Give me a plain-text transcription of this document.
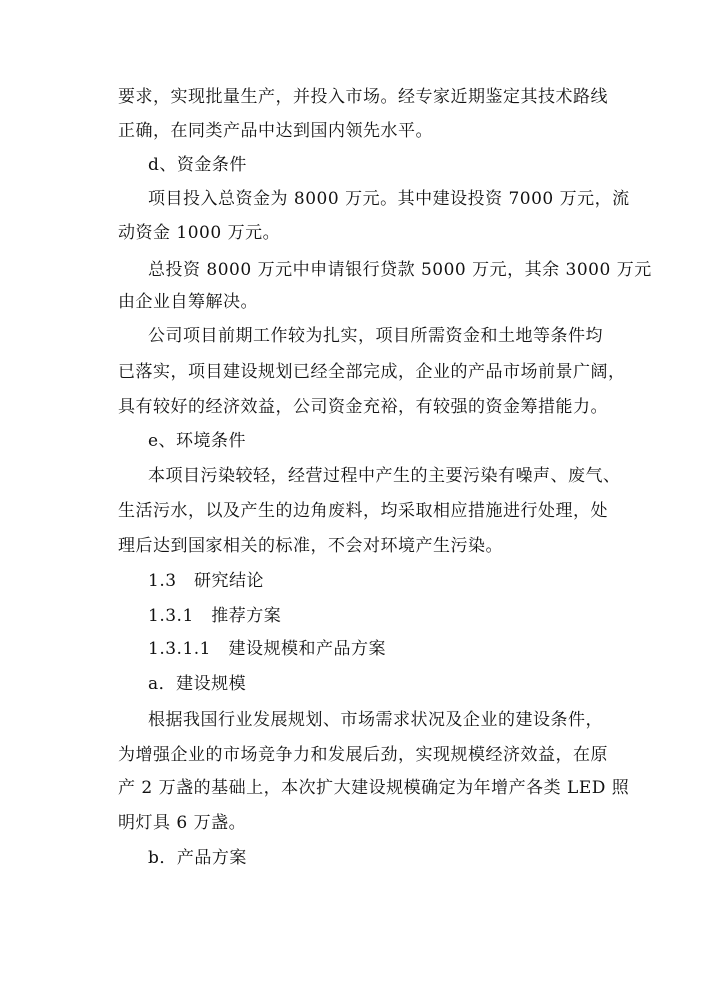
要求，实现批量生产，并投入市场。经专家近期鉴定其技术路线
正确，在同类产品中达到国内领先水平。
d、资金条件
项目投入总资金为 8000 万元。其中建设投资 7000 万元，流
动资金 1000 万元。
总投资 8000 万元中申请银行贷款 5000 万元，其余 3000 万元
由企业自筹解决。
公司项目前期工作较为扎实，项目所需资金和土地等条件均
已落实，项目建设规划已经全部完成，企业的产品市场前景广阔，
具有较好的经济效益，公司资金充裕，有较强的资金筹措能力。
e、环境条件
本项目污染较轻，经营过程中产生的主要污染有噪声、废气、
生活污水，以及产生的边角废料，均采取相应措施进行处理，处
理后达到国家相关的标准，不会对环境产生污染。
1.3　研究结论
1.3.1　推荐方案
1.3.1.1　建设规模和产品方案
a．建设规模
根据我国行业发展规划、市场需求状况及企业的建设条件，
为增强企业的市场竞争力和发展后劲，实现规模经济效益，在原
产 2 万盏的基础上，本次扩大建设规模确定为年增产各类 LED 照
明灯具 6 万盏。
b．产品方案
